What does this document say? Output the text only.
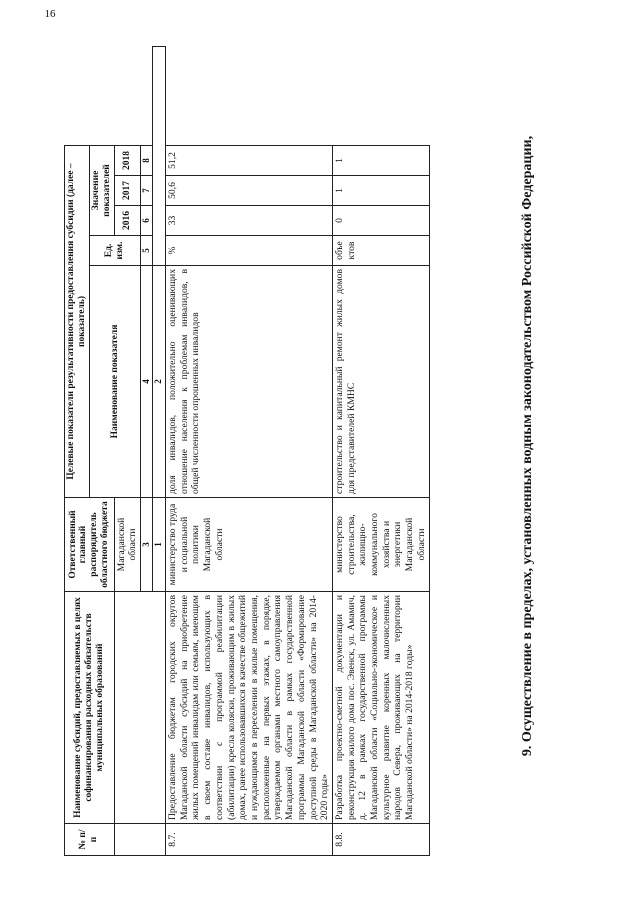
16
№ п/п	Наименование субсидий, предоставляемых в целях софинансирования расходных обязательств муниципальных образований	Ответственный главный распорядитель областного бюджета	Целевые показатели результативности предоставления субсидии (далее – показатель)				
			Наименование показателя	Ед. изм.	Значение показателей		
		Магаданской области			2016	2017	2018
		3	4	5	6	7	8
		1	2				
8.7.	Предоставление бюджетам городских округов Магаданской области субсидий на приобретение жилых помещений инвалидам или семьям, имеющим в своем составе инвалидов, использующих в соответствии с программой реабилитации (абилитации) кресла коляски, проживающим в жилых домах, ранее использовавшихся в качестве общежитий и нуждающимся в переселении в жилые помещения, расположенные на первых этажах, в порядке, утверждаемом органами местного самоуправления Магаданской области в рамках государственной программы Магаданской области «Формирование доступной среды в Магаданской области» на 2014-2020 годы»	министерство труда и социальной политики Магаданской области	доля инвалидов, положительно оценивающих отношение населения к проблемам инвалидов, в общей численности опрошенных инвалидов	%	33	50,6	51,2
8.8.	Разработка проектно-сметной документации и реконструкция жилого дома пос. Эвенск, ул. Амамич, д. 12 в рамках государственной программы Магаданской области «Социально-экономическое и культурное развитие коренных малочисленных народов Севера, проживающих на территории Магаданской области» на 2014-2018 годы»	министерство строительства, жилищно-коммунального хозяйства и энергетики Магаданской области	строительство и капитальный ремонт жилых домов для представителей КМНС	объектов	0	1	1	9. Осуществление в пределах, установленных водным законодательством Российской Федерации,
